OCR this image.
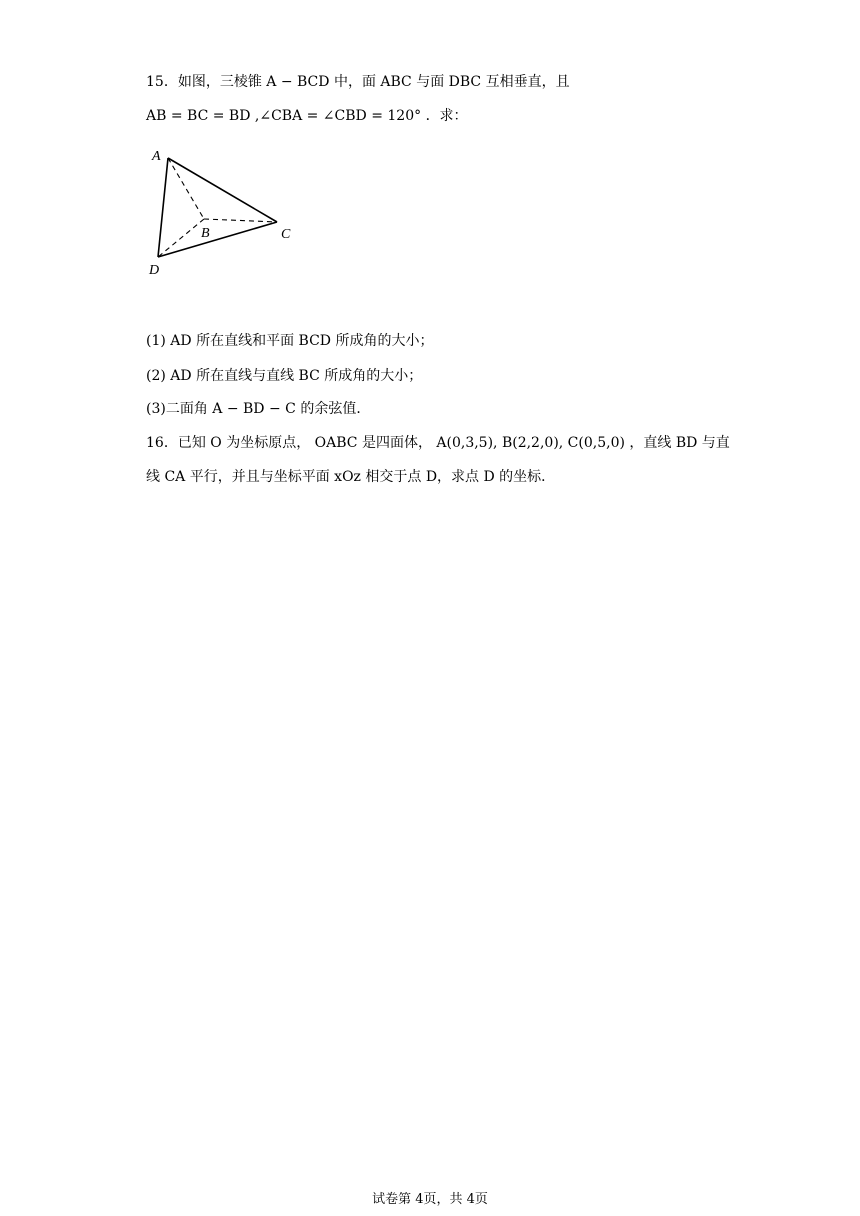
15．如图，三棱锥 A − BCD 中，面 ABC 与面 DBC 互相垂直，且
AB = BC = BD ,∠CBA = ∠CBD = 120° ．求：
A
B	C
D
(1) AD 所在直线和平面 BCD 所成角的大小；
(2) AD 所在直线与直线 BC 所成角的大小；
(3)二面角 A − BD − C 的余弦值．
16．已知 O 为坐标原点， OABC 是四面体， A(0,3,5), B(2,2,0), C(0,5,0) ，直线 BD 与直
线 CA 平行，并且与坐标平面 xOz 相交于点 D，求点 D 的坐标．
试卷第 4页，共 4页
